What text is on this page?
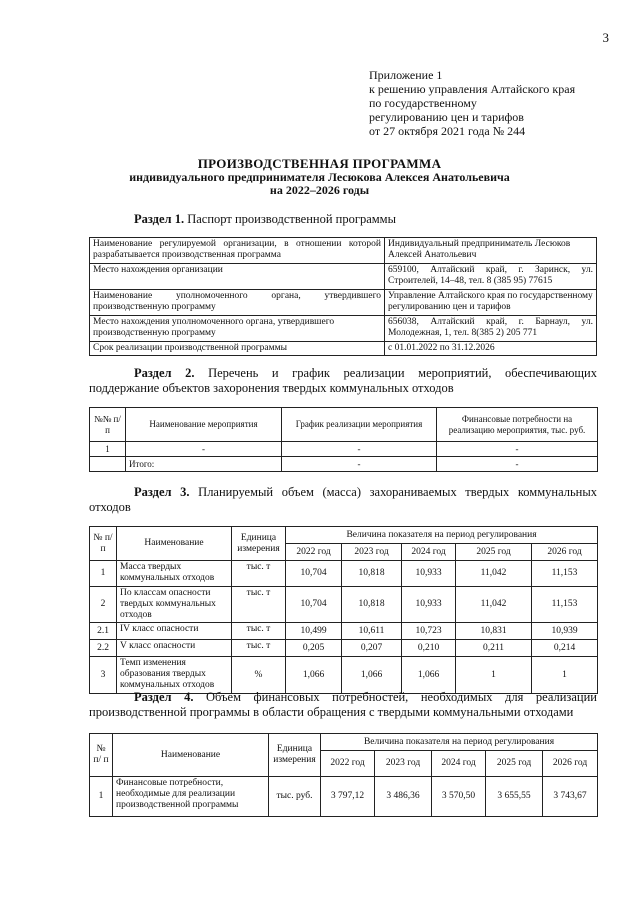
3
Приложение 1
к решению управления Алтайского края
по государственному
регулированию цен и тарифов
от 27 октября 2021 года № 244
ПРОИЗВОДСТВЕННАЯ ПРОГРАММА
индивидуального предпринимателя Лесюкова Алексея Анатольевича
на 2022–2026 годы
Раздел 1. Паспорт производственной программы
Наименование регулируемой организации, в отношении которой разрабатывается производственная программа	Индивидуальный предприниматель Лесюков Алексей Анатольевич
Место нахождения организации	659100, Алтайский край, г. Заринск, ул. Строителей, 14–48, тел. 8 (385 95) 77615
Наименование уполномоченного органа, утвердившего производственную программу	Управление Алтайского края по государственному регулированию цен и тарифов
Место нахождения уполномоченного органа, утвердившего производственную программу	656038, Алтайский край, г. Барнаул, ул. Молодежная, 1, тел. 8(385 2) 205 771
Срок реализации производственной программы	с 01.01.2022 по 31.12.2026
Раздел 2. Перечень и график реализации мероприятий, обеспечивающих поддержание объектов захоронения твердых коммунальных отходов
№№ п/п	Наименование мероприятия	График реализации мероприятия	Финансовые потребности на реализацию мероприятия, тыс. руб.
1	-	-	-
	Итого:	-	-
Раздел 3. Планируемый объем (масса) захораниваемых твердых коммунальных отходов
№ п/п	Наименование	Единица измерения	Величина показателя на период регулирования				
			2022 год	2023 год	2024 год	2025 год	2026 год
1	Масса твердых коммунальных отходов	тыс. т	10,704	10,818	10,933	11,042	11,153
2	По классам опасности твердых коммунальных отходов	тыс. т	10,704	10,818	10,933	11,042	11,153
2.1	IV класс опасности	тыс. т	10,499	10,611	10,723	10,831	10,939
2.2	V класс опасности	тыс. т	0,205	0,207	0,210	0,211	0,214
3	Темп изменения образования твердых коммунальных отходов	%	1,066	1,066	1,066	1	1
Раздел 4. Объем финансовых потребностей, необходимых для реализации производственной программы в области обращения с твердыми коммунальными отходами
№ п/ п	Наименование	Единица измерения	Величина показателя на период регулирования				
			2022 год	2023 год	2024 год	2025 год	2026 год
1	Финансовые потребности, необходимые для реализации производственной программы	тыс. руб.	3 797,12	3 486,36	3 570,50	3 655,55	3 743,67
